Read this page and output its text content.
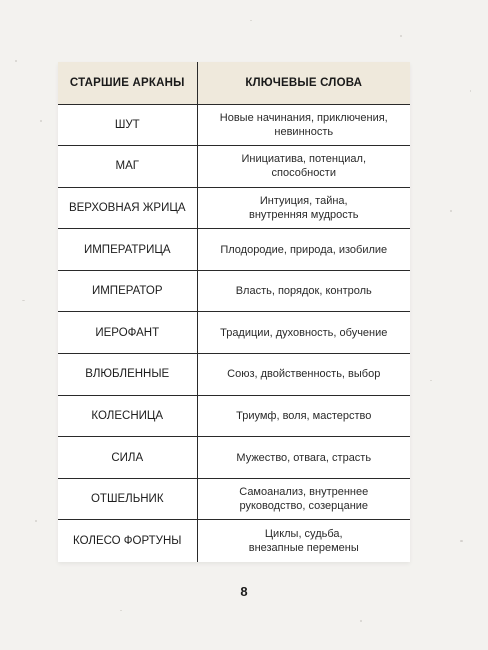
СТАРШИЕ АРКАНЫ	КЛЮЧЕВЫЕ СЛОВА
ШУТ	Новые начинания, приключения,
невинность
МАГ	Инициатива, потенциал,
способности
ВЕРХОВНАЯ ЖРИЦА	Интуиция, тайна,
внутренняя мудрость
ИМПЕРАТРИЦА	Плодородие, природа, изобилие
ИМПЕРАТОР	Власть, порядок, контроль
ИЕРОФАНТ	Традиции, духовность, обучение
ВЛЮБЛЕННЫЕ	Союз, двойственность, выбор
КОЛЕСНИЦА	Триумф, воля, мастерство
СИЛА	Мужество, отвага, страсть
ОТШЕЛЬНИК	Самоанализ, внутреннее
руководство, созерцание
КОЛЕСО ФОРТУНЫ	Циклы, судьба,
внезапные перемены
8
